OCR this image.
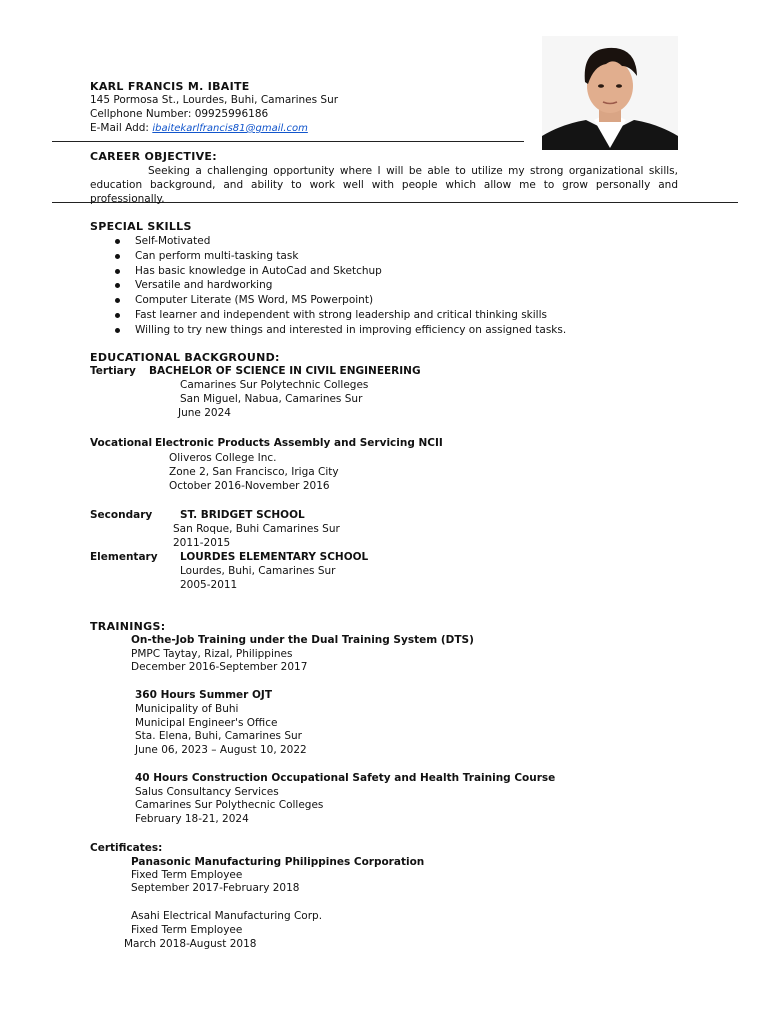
KARL FRANCIS M. IBAITE
145 Pormosa St., Lourdes, Buhi, Camarines Sur
Cellphone Number: 09925996186
E-Mail Add: ibaitekarlfrancis81@gmail.com
CAREER OBJECTIVE:
Seeking a challenging opportunity where I will be able to utilize my strong organizational skills, education background, and ability to work well with people which allow me to grow personally and professionally.
SPECIAL SKILLS
Self-Motivated
Can perform multi-tasking task
Has basic knowledge in AutoCad and Sketchup
Versatile and hardworking
Computer Literate (MS Word, MS Powerpoint)
Fast learner and independent with strong leadership and critical thinking skills
Willing to try new things and interested in improving efficiency on assigned tasks.
EDUCATIONAL BACKGROUND:
Tertiary BACHELOR OF SCIENCE IN CIVIL ENGINEERING
Camarines Sur Polytechnic Colleges
San Miguel, Nabua, Camarines Sur
June 2024
Vocational Electronic Products Assembly and Servicing NCII
Oliveros College Inc.
Zone 2, San Francisco, Iriga City
October 2016-November 2016
Secondary	ST. BRIDGET SCHOOL
San Roque, Buhi Camarines Sur
2011-2015
Elementary LOURDES ELEMENTARY SCHOOL
Lourdes, Buhi, Camarines Sur
2005-2011
TRAININGS:
On-the-Job Training under the Dual Training System (DTS)
PMPC Taytay, Rizal, Philippines
December 2016-September 2017
360 Hours Summer OJT
Municipality of Buhi
Municipal Engineer's Office
Sta. Elena, Buhi, Camarines Sur
June 06, 2023 – August 10, 2022
40 Hours Construction Occupational Safety and Health Training Course
Salus Consultancy Services
Camarines Sur Polythecnic Colleges
February 18-21, 2024
Certificates:
Panasonic Manufacturing Philippines Corporation
Fixed Term Employee
September 2017-February 2018
Asahi Electrical Manufacturing Corp.
Fixed Term Employee
March 2018-August 2018
